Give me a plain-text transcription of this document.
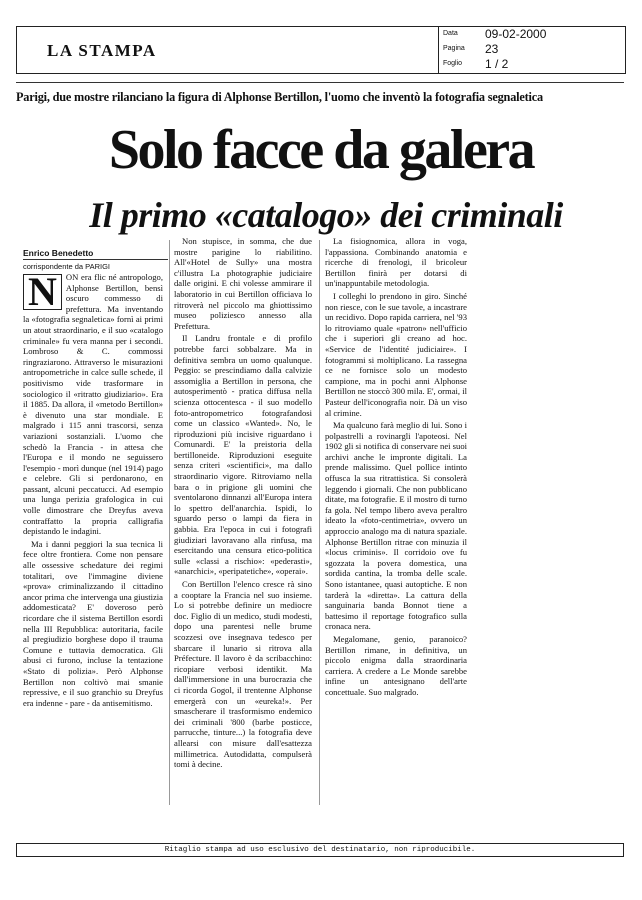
LA STAMPA
Data 09-02-2000
Pagina 23
Foglio 1 / 2
Parigi, due mostre rilanciano la figura di Alphonse Bertillon, l'uomo che inventò la fotografia segnaletica
Solo facce da galera
Il primo «catalogo» dei criminali
Enrico Benedetto
corrispondente da PARIGI
N	ON era flic né antropologo, Alphonse Bertillon, bensì oscuro commesso di prefettura. Ma inventando la «fotografia segnaletica» fornì ai primi un atout straordinario, e il suo «catalogo criminale» fu vera manna per i secondi. Lombroso & C. commossi ringraziarono. Attraverso le misurazioni antropometriche in calce sulle schede, il positivismo vide trasformare in sociologico il «ritratto giudiziario». Era il 1885. Da allora, il «metodo Bertillon» è divenuto una star mondiale. E malgrado i 115 anni trascorsi, senza variazioni sostanziali. L'uomo che schedò la Francia - in attesa che l'Europa e il mondo ne seguissero l'esempio - morì dunque (nel 1914) pago e celebre. Gli si perdonarono, en passant, alcuni peccatucci. Ad esempio una lunga perizia grafologica in cui volle dimostrare che Dreyfus aveva contraffatto la propria calligrafia depistando le indagini.

Ma i danni peggiori la sua tecnica li fece oltre frontiera. Come non pensare alle ossessive schedature dei regimi totalitari, ove l'immagine diviene «prova» criminalizzando il cittadino ancor prima che intervenga una giustizia addomesticata? E' doveroso però ricordare che il sistema Bertillon esordì nella III Repubblica: autoritaria, facile al pregiudizio borghese dopo il trauma Comune e tuttavia democratica. Gli abusi ci furono, incluse la tentazione «Stato di polizia». Però Alphonse Bertillon non coltivò mai smanie repressive, e il suo granchio su Dreyfus era indenne - pare - da antisemitismo.

Non stupisce, in somma, che due mostre parigine lo riabilitino. All'«Hotel de Sully» una mostra c'illustra La photographie judiciaire dalle origini. E chi volesse ammirare il laboratorio in cui Bertillon officiava lo ritroverà nel piccolo ma ghiottissimo museo poliziesco annesso alla Prefettura.

Il Landru frontale e di profilo potrebbe farci sobbalzare. Ma in definitiva sembra un uomo qualunque. Peggio: se prescindiamo dalla calvizie assomiglia a Bertillon in persona, che autosperimentò - pratica diffusa nella scienza ottocentesca - il suo modello foto-antropometrico fotografandosi come un classico «Wanted». No, le riproduzioni più incisive riguardano i Comunardi. E' la preistoria della bertilloneide. Riproduzioni eseguite senza criteri «scientifici», ma dallo straordinario vigore. Ritroviamo nella bara o in prigione gli uomini che sventolarono dinnanzi all'Europa intera lo spettro dell'anarchia. Ispidi, lo sguardo perso o lampi da fiera in gabbia. Era l'epoca in cui i fotografi giudiziari lavoravano alla rinfusa, ma esercitando una censura etico-politica sulle «classi a rischio»: «pederasti», «anarchici», «peripatetiche», «operai».

Con Bertillon l'elenco cresce rà sino a cooptare la Francia nel suo insieme. Lo si potrebbe definire un mediocre doc. Figlio di un medico, studi modesti, dopo una parentesi nelle brume scozzesi ove insegnava tedesco per sbarcare il lunario si ritrova alla Préfecture. Il lavoro è da scribacchino: ricopiare verbosi identikit. Ma dall'immersione in una burocrazia che ci ricorda Gogol, il trentenne Alphonse emergerà con un «eureka!». Per smascherare il trasformismo endemico dei criminali '800 (barbe posticce, parrucche, tinture...) la fotografia deve allearsi con misure dall'esattezza millimetrica. Autodidatta, compulserà tomi à decine.

La fisiognomica, allora in voga, l'appassiona. Combinando anatomia e ricerche di frenologi, il bricoleur Bertillon finirà per dotarsi di un'inappuntabile metodologia.

I colleghi lo prendono in giro. Sinché non riesce, con le sue tavole, a incastrare un recidivo. Dopo rapida carriera, nel '93 lo ritroviamo quale «patron» nell'ufficio che i superiori gli creano ad hoc. «Service de l'identité judiciaire». I fotogrammi si moltiplicano. La rassegna ce ne fornisce solo un modesto campione, ma in pochi anni Alphonse Bertillon ne stoccò 300 mila. E', ormai, il Pasteur dell'iconografia noir. Dà un viso al crimine.

Ma qualcuno farà meglio di lui. Sono i polpastrelli a rovinargli l'apoteosi. Nel 1902 gli si notifica di conservare nei suoi archivi anche le impronte digitali. La prende malissimo. Quel pollice intinto offusca la sua ritrattistica. Si consolerà leggendo i giornali. Che non pubblicano ditate, ma fotografie. E il mostro di turno fa gola. Nel tempo libero aveva peraltro ideato la «foto-centimetria», ovvero un approccio analogo ma di natura spaziale. Alphonse Bertillon ritrae con minuzia il «locus criminis». Il corridoio ove fu sgozzata la povera domestica, una sordida cantina, la tromba delle scale. Sono istantanee, quasi autoptiche. E non tarderà la «diretta». La cattura della sanguinaria banda Bonnot tiene a battesimo il reportage fotografico sulla cronaca nera.

Megalomane, genio, paranoico? Bertillon rimane, in definitiva, un piccolo enigma dalla straordinaria carriera. A credere a Le Monde sarebbe infine un antesignano dell'arte concettuale. Suo malgrado.

Ritaglio stampa ad uso esclusivo del destinatario, non riproducibile.
